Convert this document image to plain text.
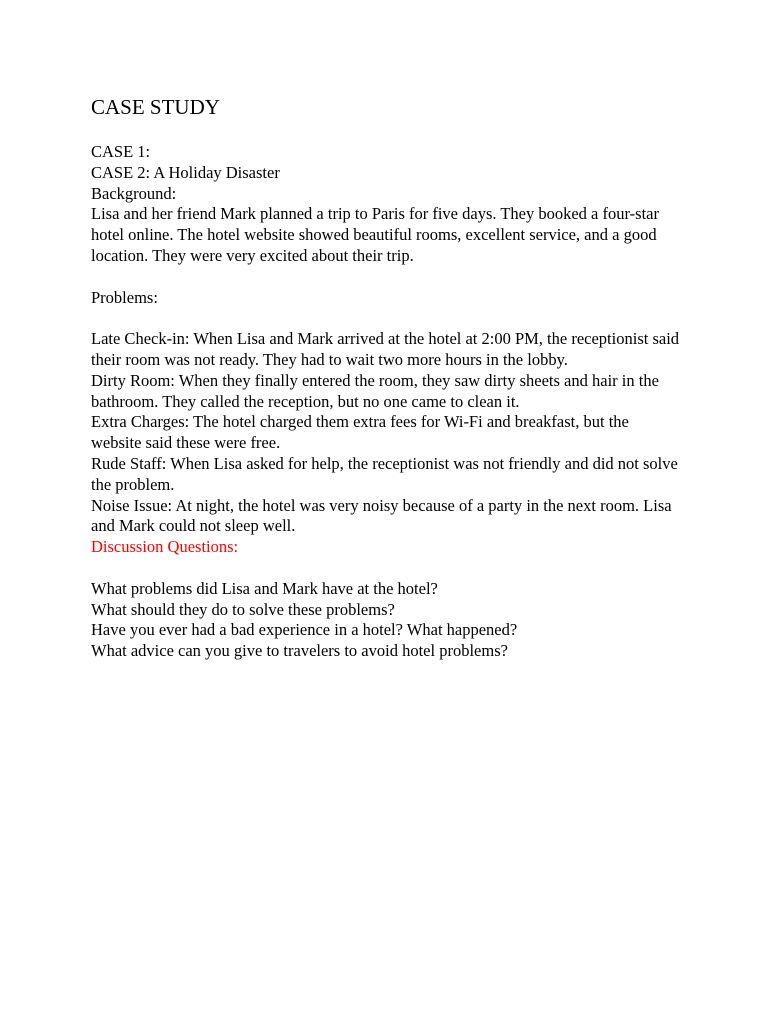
CASE STUDY

CASE 1:

CASE 2: A Holiday Disaster

Background:

Lisa and her friend Mark planned a trip to Paris for five days. They booked a four-star hotel online. The hotel website showed beautiful rooms, excellent service, and a good location. They were very excited about their trip.

Problems:

Late Check-in: When Lisa and Mark arrived at the hotel at 2:00 PM, the receptionist said their room was not ready. They had to wait two more hours in the lobby.

Dirty Room: When they finally entered the room, they saw dirty sheets and hair in the bathroom. They called the reception, but no one came to clean it.

Extra Charges: The hotel charged them extra fees for Wi-Fi and breakfast, but the website said these were free.

Rude Staff: When Lisa asked for help, the receptionist was not friendly and did not solve the problem.

Noise Issue: At night, the hotel was very noisy because of a party in the next room. Lisa and Mark could not sleep well.

Discussion Questions:

What problems did Lisa and Mark have at the hotel?

What should they do to solve these problems?

Have you ever had a bad experience in a hotel? What happened?

What advice can you give to travelers to avoid hotel problems?
